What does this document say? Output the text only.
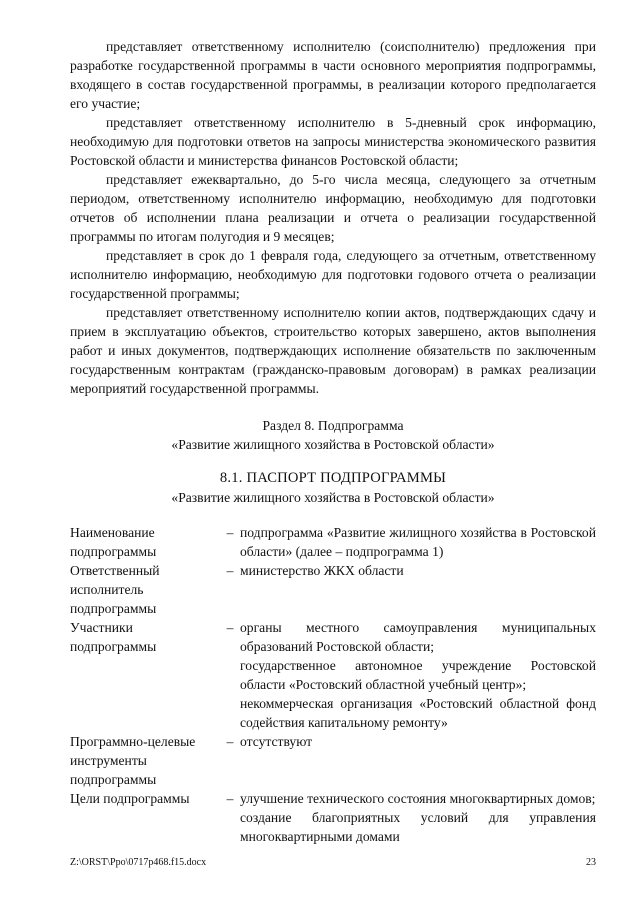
представляет ответственному исполнителю (соисполнителю) предложения при разработке государственной программы в части основного мероприятия подпрограммы, входящего в состав государственной программы, в реализации которого предполагается его участие;

представляет ответственному исполнителю в 5-дневный срок информацию, необходимую для подготовки ответов на запросы министерства экономического развития Ростовской области и министерства финансов Ростовской области;

представляет ежеквартально, до 5-го числа месяца, следующего за отчетным периодом, ответственному исполнителю информацию, необходимую для подготовки отчетов об исполнении плана реализации и отчета о реализации государственной программы по итогам полугодия и 9 месяцев;

представляет в срок до 1 февраля года, следующего за отчетным, ответственному исполнителю информацию, необходимую для подготовки годового отчета о реализации государственной программы;

представляет ответственному исполнителю копии актов, подтверждающих сдачу и прием в эксплуатацию объектов, строительство которых завершено, актов выполнения работ и иных документов, подтверждающих исполнение обязательств по заключенным государственным контрактам (гражданско-правовым договорам) в рамках реализации мероприятий государственной программы.

Раздел 8. Подпрограмма
«Развитие жилищного хозяйства в Ростовской области»
8.1. ПАСПОРТ ПОДПРОГРАММЫ
«Развитие жилищного хозяйства в Ростовской области»
Наименование подпрограммы
– подпрограмма «Развитие жилищного хозяйства в Ростовской области» (далее – подпрограмма 1)

Ответственный исполнитель подпрограммы
– министерство ЖКХ области

Участники подпрограммы
– органы местного самоуправления муниципальных образований Ростовской области;

государственное автономное учреждение Ростовской области «Ростовский областной учебный центр»;

некоммерческая организация «Ростовский областной фонд содействия капитальному ремонту»

Программно-целевые инструменты подпрограммы
– отсутствуют

Цели подпрограммы	– улучшение технического состояния многоквартирных домов;

создание благоприятных условий для управления многоквартирными домами

Z:\ORST\Ppo\0717p468.f15.docx	23
